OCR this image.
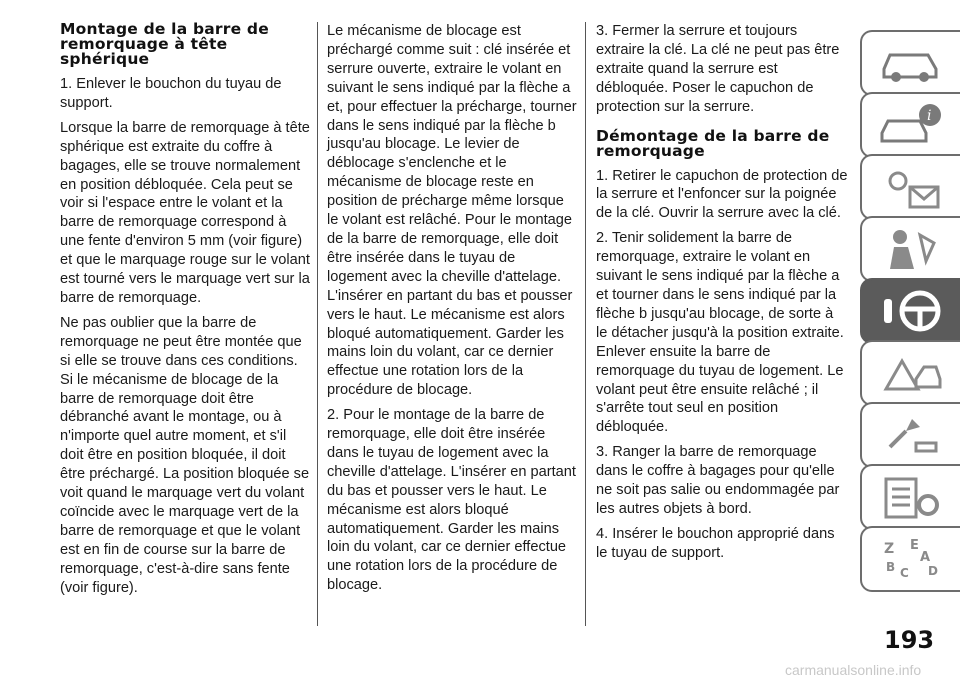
Montage de la barre de remorquage à tête sphérique

1. Enlever le bouchon du tuyau de support.

Lorsque la barre de remorquage à tête sphérique est extraite du coffre à bagages, elle se trouve normalement en position débloquée. Cela peut se voir si l'espace entre le volant et la barre de remorquage correspond à une fente d'environ 5 mm (voir figure) et que le marquage rouge sur le volant est tourné vers le marquage vert sur la barre de remorquage.

Ne pas oublier que la barre de remorquage ne peut être montée que si elle se trouve dans ces conditions. Si le mécanisme de blocage de la barre de remorquage doit être débranché avant le montage, ou à n'importe quel autre moment, et s'il doit être en position bloquée, il doit être préchargé. La position bloquée se voit quand le marquage vert du volant coïncide avec le marquage vert de la barre de remorquage et que le volant est en fin de course sur la barre de remorquage, c'est-à-dire sans fente (voir figure).

Le mécanisme de blocage est préchargé comme suit : clé insérée et serrure ouverte, extraire le volant en suivant le sens indiqué par la flèche a et, pour effectuer la précharge, tourner dans le sens indiqué par la flèche b jusqu'au blocage. Le levier de déblocage s'enclenche et le mécanisme de blocage reste en position de précharge même lorsque le volant est relâché. Pour le montage de la barre de remorquage, elle doit être insérée dans le tuyau de logement avec la cheville d'attelage. L'insérer en partant du bas et pousser vers le haut. Le mécanisme est alors bloqué automatiquement. Garder les mains loin du volant, car ce dernier effectue une rotation lors de la procédure de blocage.

2. Pour le montage de la barre de remorquage, elle doit être insérée dans le tuyau de logement avec la cheville d'attelage. L'insérer en partant du bas et pousser vers le haut. Le mécanisme est alors bloqué automatiquement. Garder les mains loin du volant, car ce dernier effectue une rotation lors de la procédure de blocage.

3. Fermer la serrure et toujours extraire la clé. La clé ne peut pas être extraite quand la serrure est débloquée. Poser le capuchon de protection sur la serrure.

Démontage de la barre de remorquage

1. Retirer le capuchon de protection de la serrure et l'enfoncer sur la poignée de la clé. Ouvrir la serrure avec la clé.

2. Tenir solidement la barre de remorquage, extraire le volant en suivant le sens indiqué par la flèche a et tourner dans le sens indiqué par la flèche b jusqu'au blocage, de sorte à le détacher jusqu'à la position extraite. Enlever ensuite la barre de remorquage du tuyau de logement. Le volant peut être ensuite relâché ; il s'arrête tout seul en position débloquée.

3. Ranger la barre de remorquage dans le coffre à bagages pour qu'elle ne soit pas salie ou endommagée par les autres objets à bord.

4. Insérer le bouchon approprié dans le tuyau de support.

i
Z E
A
B C D
193
carmanualsonline.info
